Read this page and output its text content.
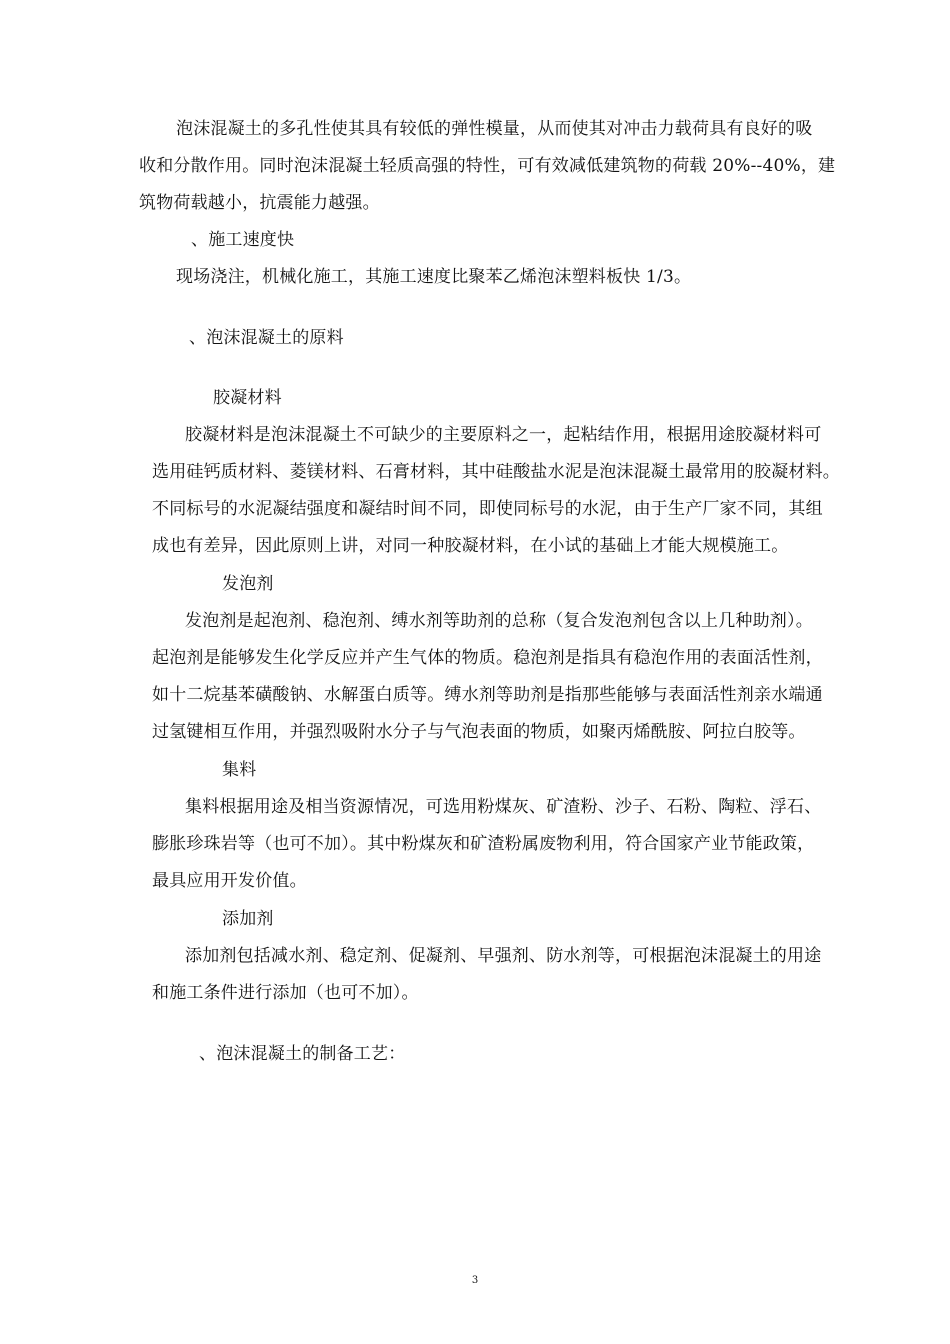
泡沫混凝土的多孔性使其具有较低的弹性模量，从而使其对冲击力载荷具有良好的吸
收和分散作用。同时泡沫混凝土轻质高强的特性，可有效减低建筑物的荷载 20%--40%，建
筑物荷载越小，抗震能力越强。
、施工速度快
现场浇注，机械化施工，其施工速度比聚苯乙烯泡沫塑料板快 1/3。
、泡沫混凝土的原料
胶凝材料
胶凝材料是泡沫混凝土不可缺少的主要原料之一，起粘结作用，根据用途胶凝材料可
选用硅钙质材料、菱镁材料、石膏材料，其中硅酸盐水泥是泡沫混凝土最常用的胶凝材料。
不同标号的水泥凝结强度和凝结时间不同，即使同标号的水泥，由于生产厂家不同，其组
成也有差异，因此原则上讲，对同一种胶凝材料，在小试的基础上才能大规模施工。
发泡剂
发泡剂是起泡剂、稳泡剂、缚水剂等助剂的总称（复合发泡剂包含以上几种助剂）。
起泡剂是能够发生化学反应并产生气体的物质。稳泡剂是指具有稳泡作用的表面活性剂，
如十二烷基苯磺酸钠、水解蛋白质等。缚水剂等助剂是指那些能够与表面活性剂亲水端通
过氢键相互作用，并强烈吸附水分子与气泡表面的物质，如聚丙烯酰胺、阿拉白胶等。
集料
集料根据用途及相当资源情况，可选用粉煤灰、矿渣粉、沙子、石粉、陶粒、浮石、
膨胀珍珠岩等（也可不加）。其中粉煤灰和矿渣粉属废物利用，符合国家产业节能政策，
最具应用开发价值。
添加剂
添加剂包括减水剂、稳定剂、促凝剂、早强剂、防水剂等，可根据泡沫混凝土的用途
和施工条件进行添加（也可不加）。
、泡沫混凝土的制备工艺：
3
